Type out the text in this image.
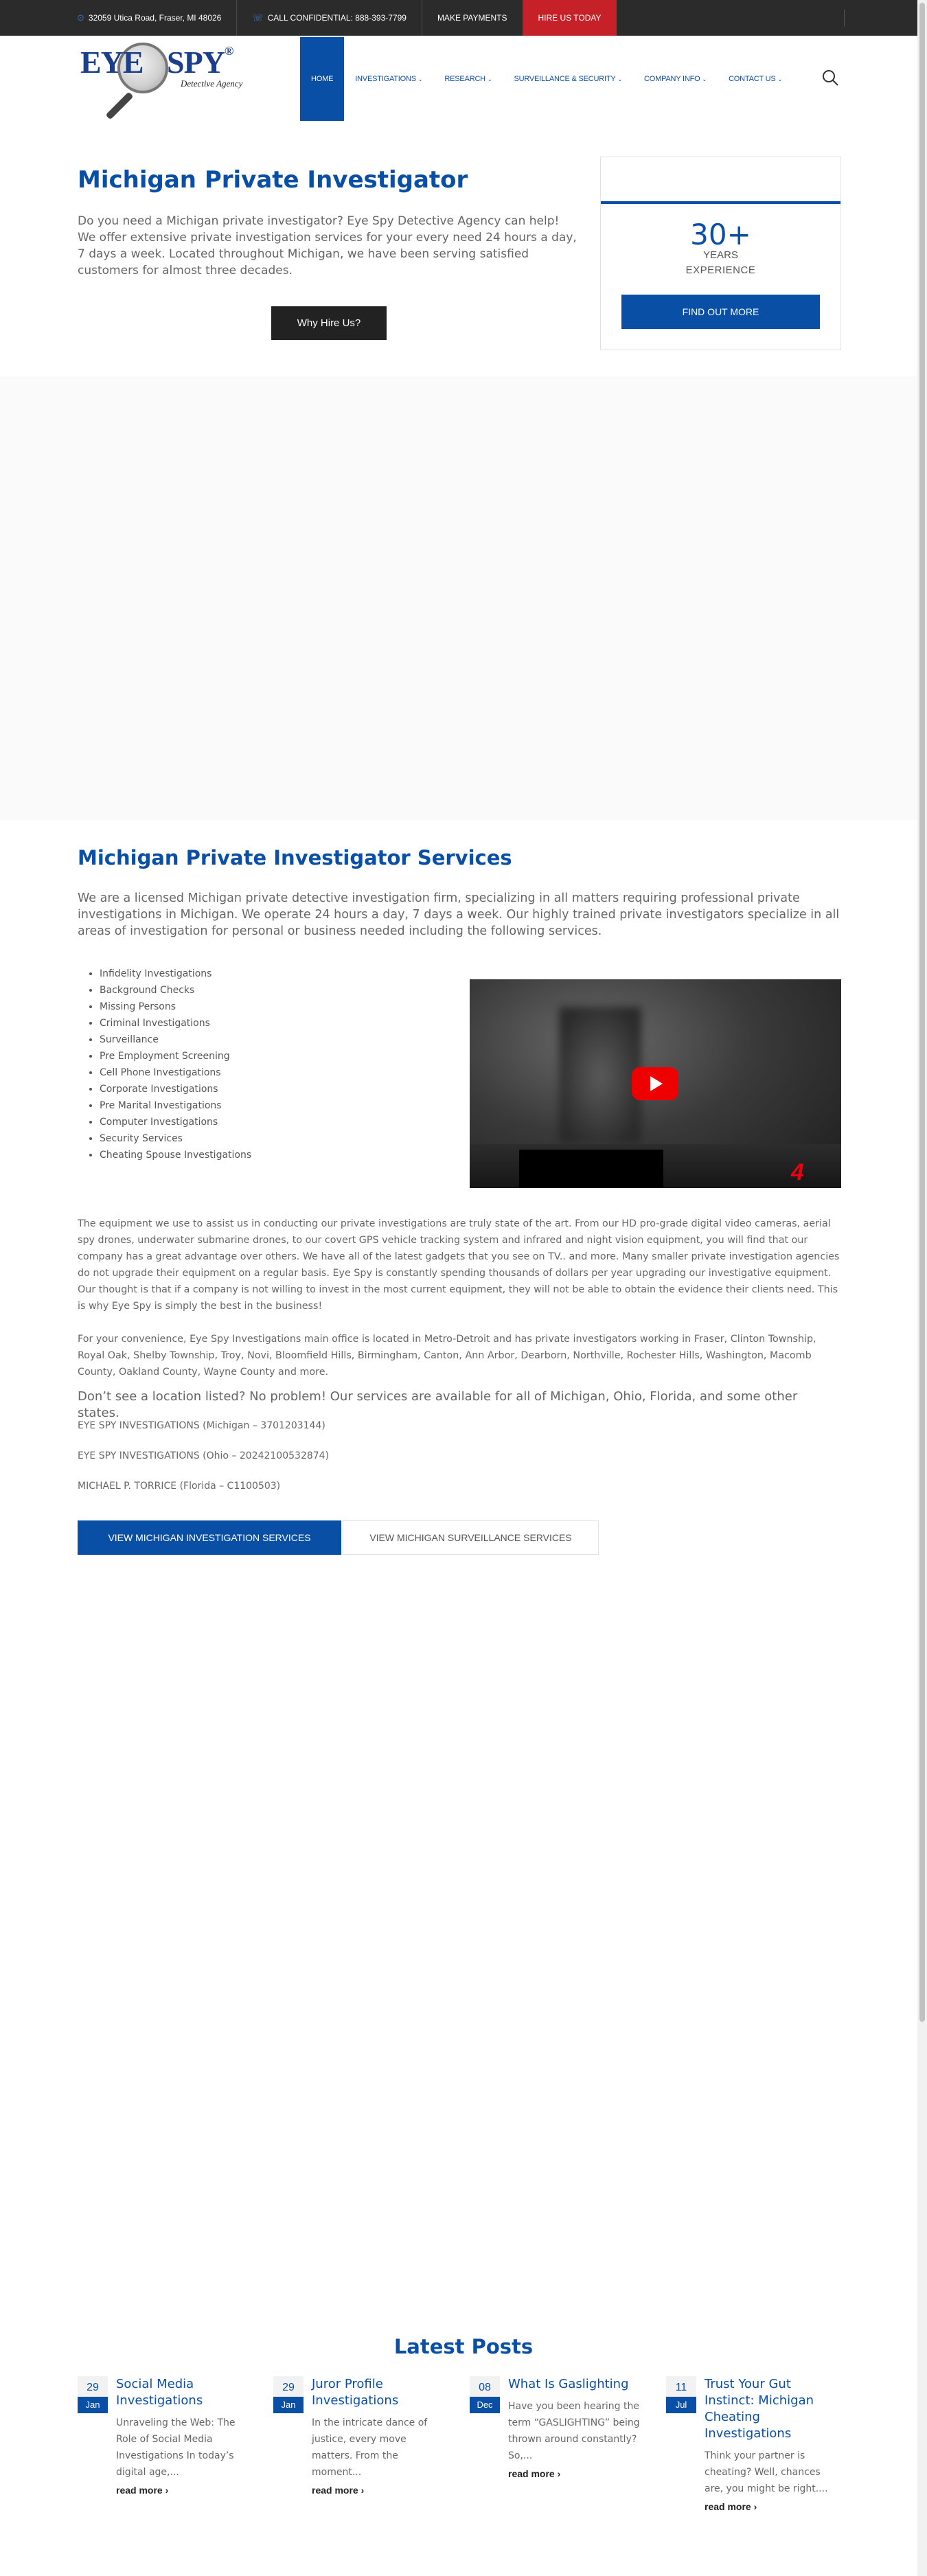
⊙ 32059 Utica Road, Fraser, MI 48026	☏ CALL CONFIDENTIAL: 888-393-7799	MAKE PAYMENTS	HIRE US TODAY
EYE SPY®
Detective Agency	HOME	INVESTIGATIONS ⌄	RESEARCH ⌄	SURVEILLANCE & SECURITY ⌄	COMPANY INFO ⌄	CONTACT US ⌄
Michigan Private Investigator

Do you need a Michigan private investigator? Eye Spy Detective Agency can help! We offer extensive private investigation services for your every need 24 hours a day, 7 days a week. Located throughout Michigan, we have been serving satisfied customers for almost three decades.

Why Hire Us?
30+
YEARS
EXPERIENCE
FIND OUT MORE
Michigan Private Investigator Services

We are a licensed Michigan private detective investigation firm, specializing in all matters requiring professional private investigations in Michigan. We operate 24 hours a day, 7 days a week. Our highly trained private investigators specialize in all areas of investigation for personal or business needed including the following services.

• Infidelity Investigations
• Background Checks
• Missing Persons
• Criminal Investigations
• Surveillance
• Pre Employment Screening
• Cell Phone Investigations
• Corporate Investigations
• Pre Marital Investigations
• Computer Investigations
• Security Services
• Cheating Spouse Investigations
4

The equipment we use to assist us in conducting our private investigations are truly state of the art. From our HD pro-grade digital video cameras, aerial spy drones, underwater submarine drones, to our covert GPS vehicle tracking system and infrared and night vision equipment, you will find that our company has a great advantage over others. We have all of the latest gadgets that you see on TV.. and more. Many smaller private investigation agencies do not upgrade their equipment on a regular basis. Eye Spy is constantly spending thousands of dollars per year upgrading our investigative equipment. Our thought is that if a company is not willing to invest in the most current equipment, they will not be able to obtain the evidence their clients need. This is why Eye Spy is simply the best in the business!

For your convenience, Eye Spy Investigations main office is located in Metro-Detroit and has private investigators working in Fraser, Clinton Township, Royal Oak, Shelby Township, Troy, Novi, Bloomfield Hills, Birmingham, Canton, Ann Arbor, Dearborn, Northville, Rochester Hills, Washington, Macomb County, Oakland County, Wayne County and more.

Don’t see a location listed? No problem! Our services are available for all of Michigan, Ohio, Florida, and some other states.

EYE SPY INVESTIGATIONS (Michigan – 3701203144)
EYE SPY INVESTIGATIONS (Ohio – 20242100532874)
MICHAEL P. TORRICE (Florida – C1100503)
VIEW MICHIGAN INVESTIGATION SERVICES	VIEW MICHIGAN SURVEILLANCE SERVICES
Latest Posts
29
Jan
Social Media Investigations
Unraveling the Web: The Role of Social Media Investigations In today’s digital age,...
read more ›
29
Jan
Juror Profile Investigations
In the intricate dance of justice, every move matters. From the moment...
read more ›
08
Dec
What Is Gaslighting
Have you been hearing the term “GASLIGHTING” being thrown around constantly? So,...
read more ›
11
Jul
Trust Your Gut Instinct: Michigan Cheating Investigations
Think your partner is cheating? Well, chances are, you might be right....
read more ›
